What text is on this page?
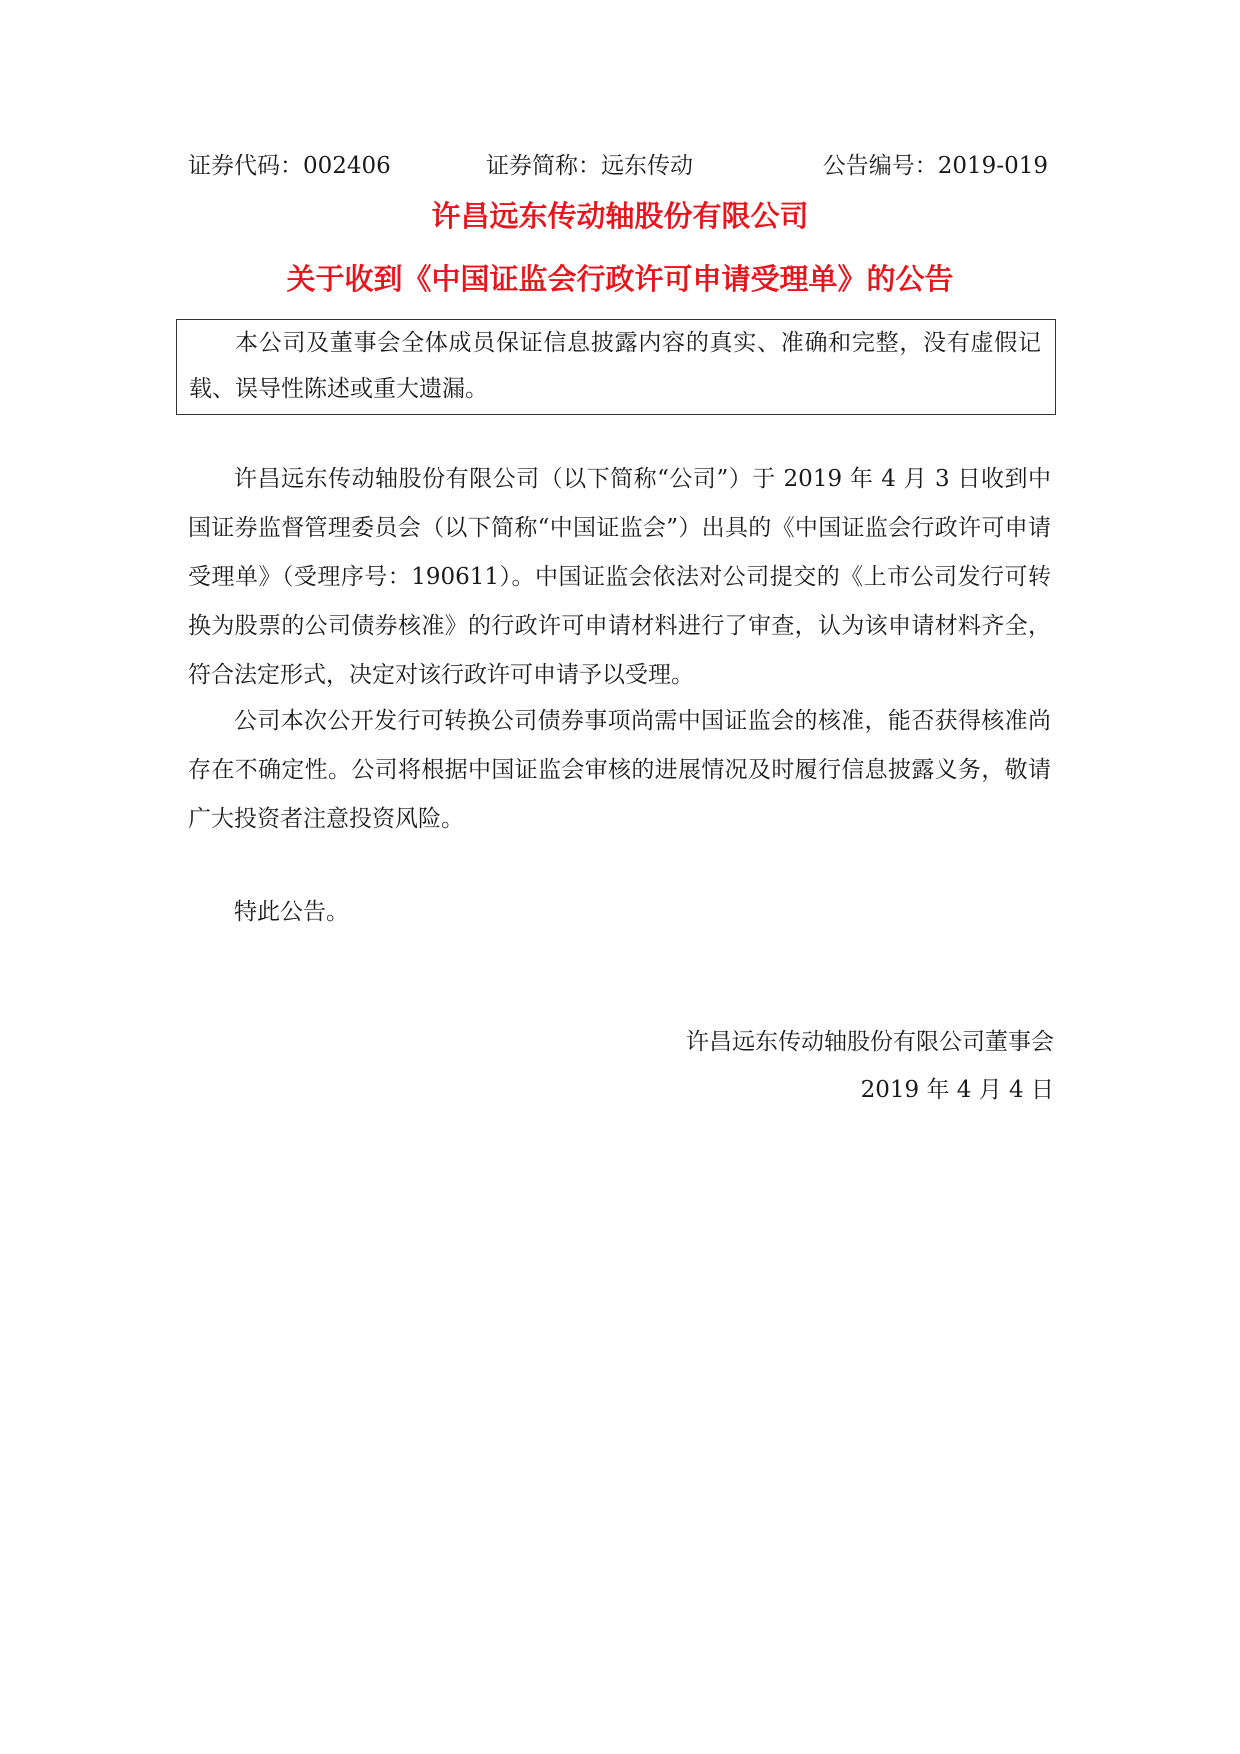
证券代码：002406	证券简称：远东传动	公告编号：2019-019
许昌远东传动轴股份有限公司
关于收到《中国证监会行政许可申请受理单》的公告

本公司及董事会全体成员保证信息披露内容的真实、准确和完整，没有虚假记载、误导性陈述或重大遗漏。

许昌远东传动轴股份有限公司（以下简称“公司”）于 2019 年 4 月 3 日收到中国证券监督管理委员会（以下简称“中国证监会”）出具的《中国证监会行政许可申请受理单》（受理序号：190611）。中国证监会依法对公司提交的《上市公司发行可转换为股票的公司债券核准》的行政许可申请材料进行了审查，认为该申请材料齐全，符合法定形式，决定对该行政许可申请予以受理。

公司本次公开发行可转换公司债券事项尚需中国证监会的核准，能否获得核准尚存在不确定性。公司将根据中国证监会审核的进展情况及时履行信息披露义务，敬请广大投资者注意投资风险。

特此公告。

许昌远东传动轴股份有限公司董事会
2019 年 4 月 4 日
